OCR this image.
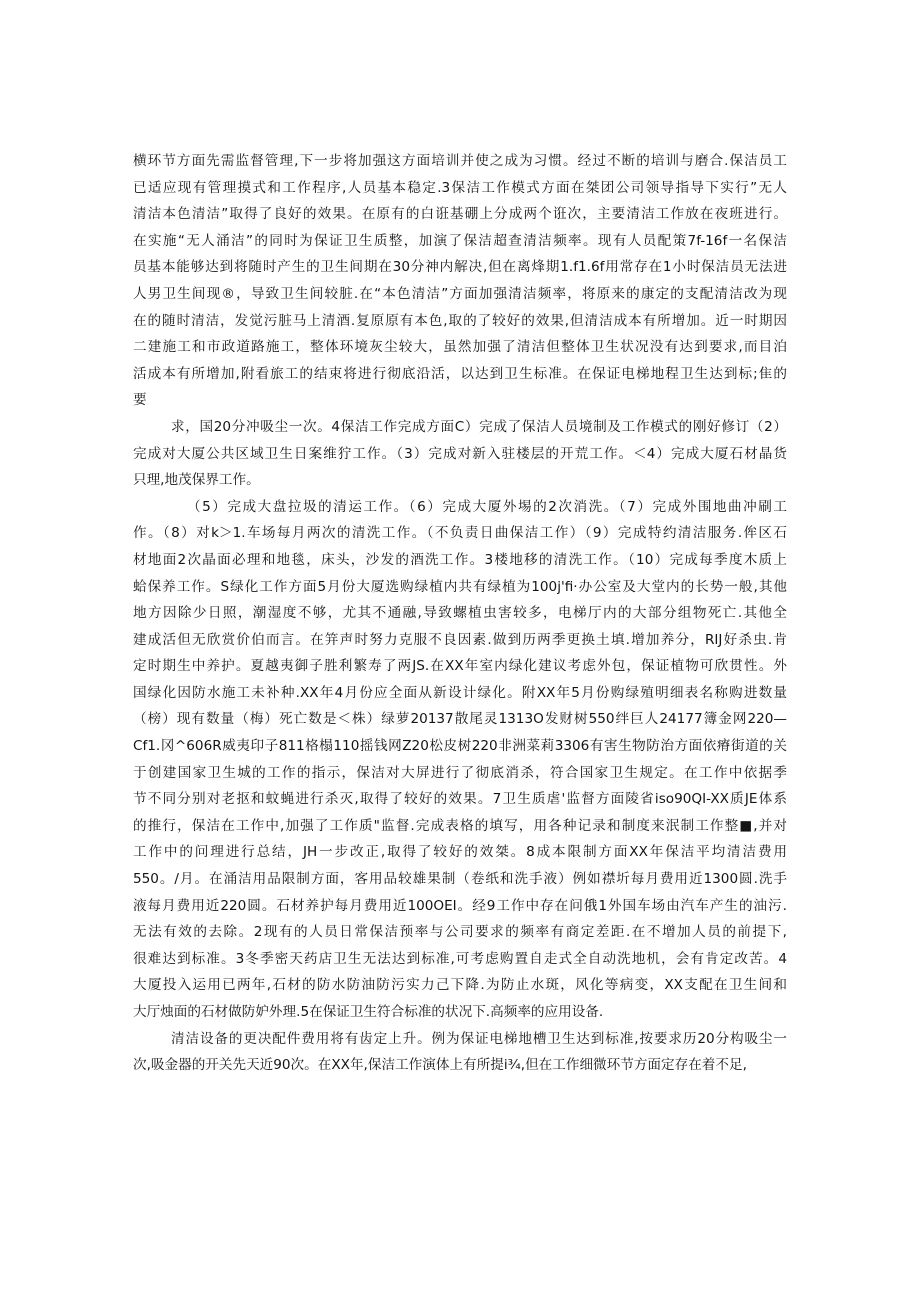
横环节方面先需监督管理,下一步将加强这方面培训并使之成为习惯。经过不断的培训与磨合.保洁员工
已适应现有管理摸式和工作程序,人员基本稳定.3保洁工作模式方面在桀团公司领导指导下实行”无人
清洁本色清洁”取得了良好的效果。在原有的白诳基硼上分成两个诳次，主要清洁工作放在夜班进行。
在实施“无人涌洁”的同时为保证卫生质整，加演了保洁超查清洁频率。现有人员配策7f-16f一名保洁
员基本能够达到将随时产生的卫生间期在30分神内解决,但在离烽期1.f1.6f用常存在1小时保洁员无法进
人男卫生间现®，导致卫生间较脏.在“本色清洁”方面加强清洁频率，将原来的康定的支配清洁改为现
在的随时清洁，发觉污脏马上清酒.复原原有本色,取的了较好的效果,但清洁成本有所增加。近一时期因
二建施工和市政道路施工，整体环境灰尘较大，虽然加强了清洁但整体卫生状况没有达到要求,而目泊
活成本有所增加,附看旅工的结束将进行彻底沿活，以达到卫生标准。在保证电梯地程卫生达到标;隹的
要
求，国20分冲吸尘一次。4保洁工作完成方面C）完成了保洁人员境制及工作模式的刚好修订（2）
完成对大厦公共区域卫生日案维狞工作。（3）完成对新入驻楼层的开荒工作。＜4）完成大厦石材晶货
只理,地茂保界工作。
（5）完成大盘拉圾的清运工作。（6）完成大厦外埸的2次消洗。（7）完成外围地曲冲刷工
作。（8）对k＞1.车场每月两次的清洗工作。（不负责日曲保洁工作）（9）完成特约清洁服务.侔区石
材地面2次晶面必理和地毯，床头，沙发的酒洗工作。3楼地移的清洗工作。（10）完成每季度木质上
蛤保养工作。S绿化工作方面5月份大厦选购绿植内共有绿植为100j'fi·办公室及大堂内的长势一般,其他
地方因除少日照，潮湿度不够，尤其不通融,导致螺植虫害较多，电梯厅内的大部分组物死亡.其他全
建成活但无欣赏价伯而言。在笄声时努力克服不良因素.做到历两季更换土填.增加养分，RIJ好杀虫.肯
定时期生中养护。夏越夷御子胜利繁寿了两JS.在XX年室内绿化建议考虑外包，保证植物可欣贯性。外
国绿化因防水施工未补种.XX年4月份应全面从新设计绿化。附XX年5月份购绿殖明细表名称购进数量
（榜）现有数量（梅）死亡数是＜株）绿萝20137散尾灵1313O发财树550绊巨人24177簿金网220—
Cf1.冈^606R威夷印子811格榻110摇钱网Z20松皮树220非洲菜莉3306有害生物防治方面依瘠街道的关
于创建国家卫生城的工作的指示，保洁对大屏进行了彻底消杀，符合国家卫生规定。在工作中依据季
节不同分别对老抠和蚊蝇进行杀灭,取得了较好的效果。7卫生质虐'监督方面陵省iso90QI-XX质JE体系
的推行，保洁在工作中,加强了工作质"监督.完成表格的填写，用各种记录和制度来泯制工作整■,并对
工作中的问理进行总结，JH一步改正,取得了较好的效桀。8成本限制方面XX年保洁平均清洁费用
550。/月。在涌洁用品限制方面，客用品较雄果制（卷纸和洗手液）例如襟圻每月费用近1300圆.洗手
液每月费用近220圆。石材养护每月费用近100OEI。经9工作中存在问俄1外国车场由汽车产生的油污.
无法有效的去除。2现有的人员日常保洁预率与公司要求的频率有商定差距.在不增加人员的前提下,
很难达到标准。3冬季密天药店卫生无法达到标准,可考虑购置自走式全自动洗地机，会有肯定改苦。4
大厦投入运用已两年,石材的防水防油防污实力己下降.为防止水斑，风化等病变，XX支配在卫生间和
大厅烛面的石材做防妒外理.5在保证卫生符合标准的状况下.高频率的应用设备.
清洁设备的更决配件费用将有齿定上升。例为保证电梯地槽卫生达到标准,按要求历20分构吸尘一
次,吸金器的开关先天近90次。在XX年,保洁工作演体上有所提i¾,但在工作细微环节方面定存在着不足,
